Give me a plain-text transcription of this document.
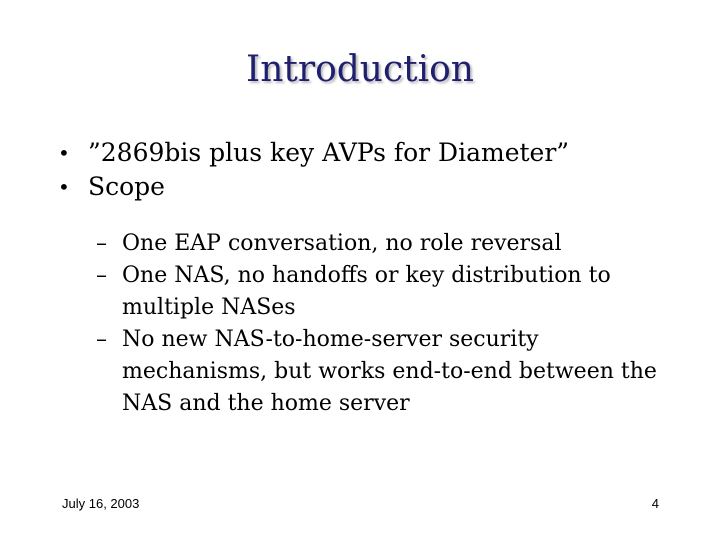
Introduction
• ”2869bis plus key AVPs for Diameter”
• Scope
– One EAP conversation, no role reversal
– One NAS, no handoffs or key distribution to multiple NASes
– No new NAS-to-home-server security mechanisms, but works end-to-end between the NAS and the home server
July 16, 2003	4
